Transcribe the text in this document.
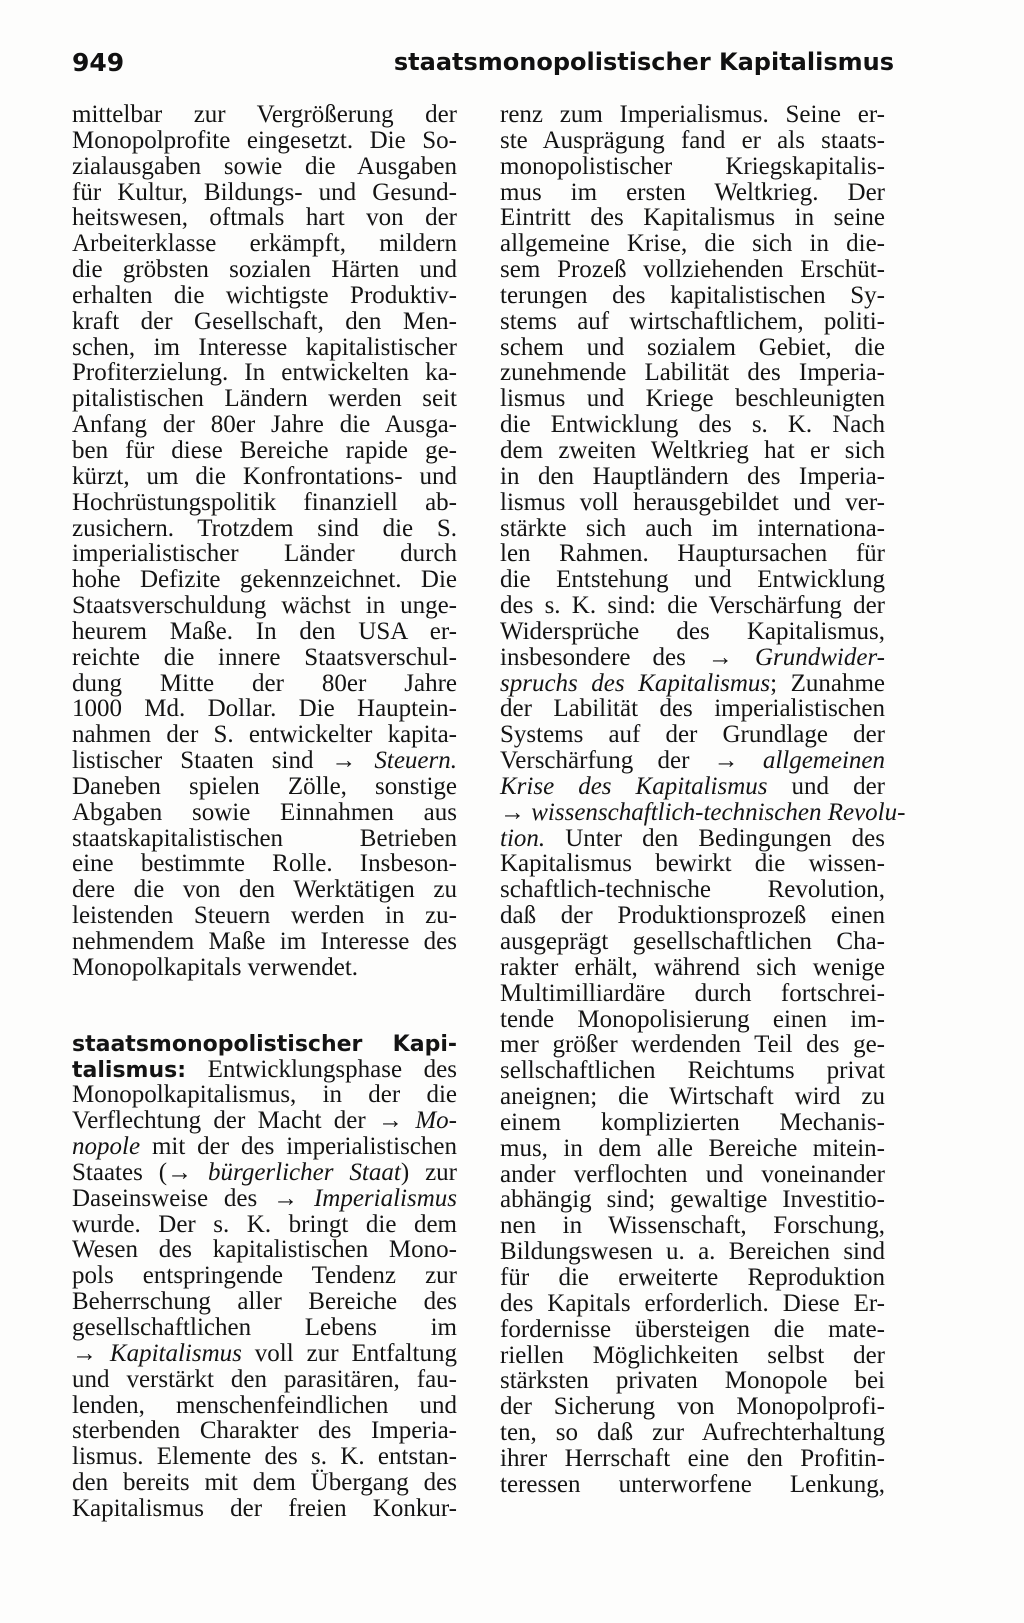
949	staatsmonopolistischer Kapitalismus
mittelbar zur Vergrößerung der
Monopolprofite eingesetzt. Die So-
zialausgaben sowie die Ausgaben
für Kultur, Bildungs- und Gesund-
heitswesen, oftmals hart von der
Arbeiterklasse erkämpft, mildern
die gröbsten sozialen Härten und
erhalten die wichtigste Produktiv-
kraft der Gesellschaft, den Men-
schen, im Interesse kapitalistischer
Profiterzielung. In entwickelten ka-
pitalistischen Ländern werden seit
Anfang der 80er Jahre die Ausga-
ben für diese Bereiche rapide ge-
kürzt, um die Konfrontations- und
Hochrüstungspolitik finanziell ab-
zusichern. Trotzdem sind die S.
imperialistischer Länder durch
hohe Defizite gekennzeichnet. Die
Staatsverschuldung wächst in unge-
heurem Maße. In den USA er-
reichte die innere Staatsverschul-
dung Mitte der 80er Jahre
1000 Md. Dollar. Die Hauptein-
nahmen der S. entwickelter kapita-
listischer Staaten sind → Steuern.
Daneben spielen Zölle, sonstige
Abgaben sowie Einnahmen aus
staatskapitalistischen Betrieben
eine bestimmte Rolle. Insbeson-
dere die von den Werktätigen zu
leistenden Steuern werden in zu-
nehmendem Maße im Interesse des
Monopolkapitals verwendet.
staatsmonopolistischer Kapi-
talismus: Entwicklungsphase des
Monopolkapitalismus, in der die
Verflechtung der Macht der → Mo-
nopole mit der des imperialistischen
Staates (→ bürgerlicher Staat) zur
Daseinsweise des → Imperialismus
wurde. Der s. K. bringt die dem
Wesen des kapitalistischen Mono-
pols entspringende Tendenz zur
Beherrschung aller Bereiche des
gesellschaftlichen Lebens im
→ Kapitalismus voll zur Entfaltung
und verstärkt den parasitären, fau-
lenden, menschenfeindlichen und
sterbenden Charakter des Imperia-
lismus. Elemente des s. K. entstan-
den bereits mit dem Übergang des
Kapitalismus der freien Konkur-
renz zum Imperialismus. Seine er-
ste Ausprägung fand er als staats-
monopolistischer Kriegskapitalis-
mus im ersten Weltkrieg. Der
Eintritt des Kapitalismus in seine
allgemeine Krise, die sich in die-
sem Prozeß vollziehenden Erschüt-
terungen des kapitalistischen Sy-
stems auf wirtschaftlichem, politi-
schem und sozialem Gebiet, die
zunehmende Labilität des Imperia-
lismus und Kriege beschleunigten
die Entwicklung des s. K. Nach
dem zweiten Weltkrieg hat er sich
in den Hauptländern des Imperia-
lismus voll herausgebildet und ver-
stärkte sich auch im internationa-
len Rahmen. Hauptursachen für
die Entstehung und Entwicklung
des s. K. sind: die Verschärfung der
Widersprüche des Kapitalismus,
insbesondere des → Grundwider-
spruchs des Kapitalismus; Zunahme
der Labilität des imperialistischen
Systems auf der Grundlage der
Verschärfung der → allgemeinen
Krise des Kapitalismus und der
→ wissenschaftlich-technischen Revolu-
tion. Unter den Bedingungen des
Kapitalismus bewirkt die wissen-
schaftlich-technische Revolution,
daß der Produktionsprozeß einen
ausgeprägt gesellschaftlichen Cha-
rakter erhält, während sich wenige
Multimilliardäre durch fortschrei-
tende Monopolisierung einen im-
mer größer werdenden Teil des ge-
sellschaftlichen Reichtums privat
aneignen; die Wirtschaft wird zu
einem komplizierten Mechanis-
mus, in dem alle Bereiche mitein-
ander verflochten und voneinander
abhängig sind; gewaltige Investitio-
nen in Wissenschaft, Forschung,
Bildungswesen u. a. Bereichen sind
für die erweiterte Reproduktion
des Kapitals erforderlich. Diese Er-
fordernisse übersteigen die mate-
riellen Möglichkeiten selbst der
stärksten privaten Monopole bei
der Sicherung von Monopolprofi-
ten, so daß zur Aufrechterhaltung
ihrer Herrschaft eine den Profitin-
teressen unterworfene Lenkung,
